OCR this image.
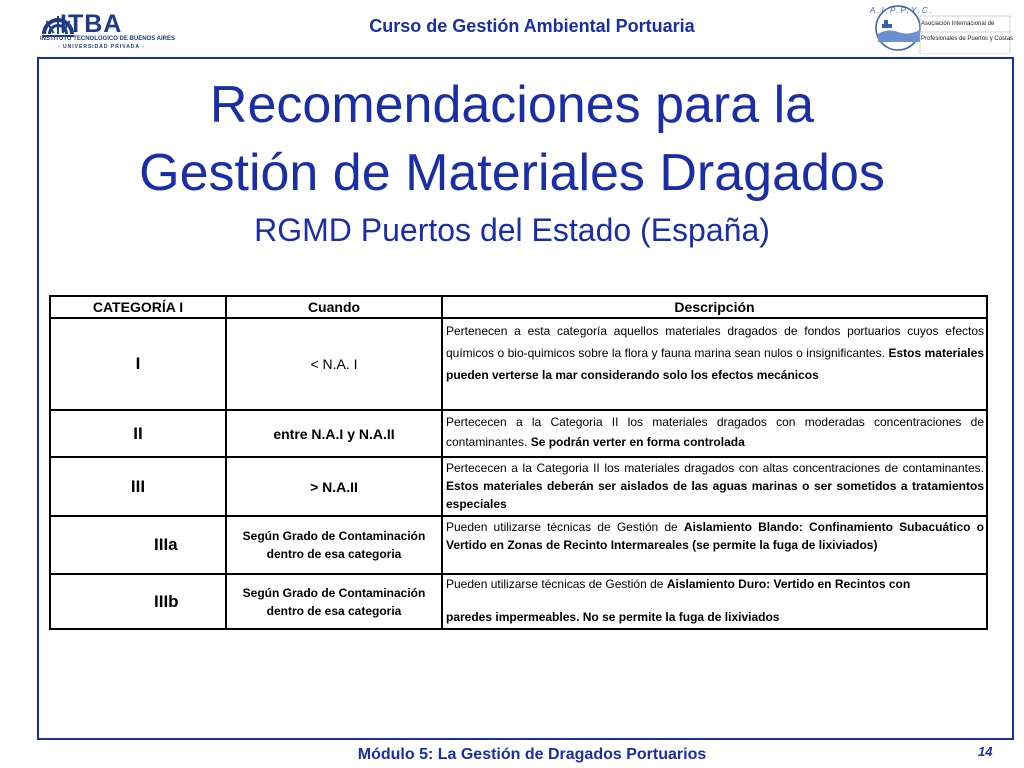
ITBA
INSTITUTO TECNOLOGICO DE BUENOS AIRES
- UNIVERSIDAD PRIVADA -
Curso de Gestión Ambiental Portuaria
A.I.P.P.Y.C.
Asociación Internacional de
Profesionales de Puertos y Costas
Recomendaciones para la
Gestión de Materiales Dragados
RGMD Puertos del Estado (España)
CATEGORÍA I	Cuando	Descripción
I	< N.A. I	Pertenecen a esta categoría aquellos materiales dragados de fondos portuarios cuyos efectos químicos o bio-quimicos sobre la flora y fauna marina sean nulos o insignificantes. Estos materiales pueden verterse la mar considerando solo los efectos mecánicos
II	entre N.A.I y N.A.II	Pertececen a la Categoria II los materiales dragados con moderadas concentraciones de contaminantes. Se podrán verter en forma controlada
III	> N.A.II	Pertececen a la Categoria II los materiales dragados con altas concentraciones de contaminantes. Estos materiales deberán ser aislados de las aguas marinas o ser sometidos a tratamientos especiales
IIIa	Según Grado de Contaminación dentro de esa categoria	Pueden utilizarse técnicas de Gestión de Aislamiento Blando: Confinamiento Subacuático o Vertido en Zonas de Recinto Intermareales (se permite la fuga de lixiviados)
IIIb	Según Grado de Contaminación dentro de esa categoria	Pueden utilizarse técnicas de Gestión de Aislamiento Duro: Vertido en Recintos con
paredes impermeables. No se permite la fuga de lixiviados
Módulo 5: La Gestión de Dragados Portuarios	14
